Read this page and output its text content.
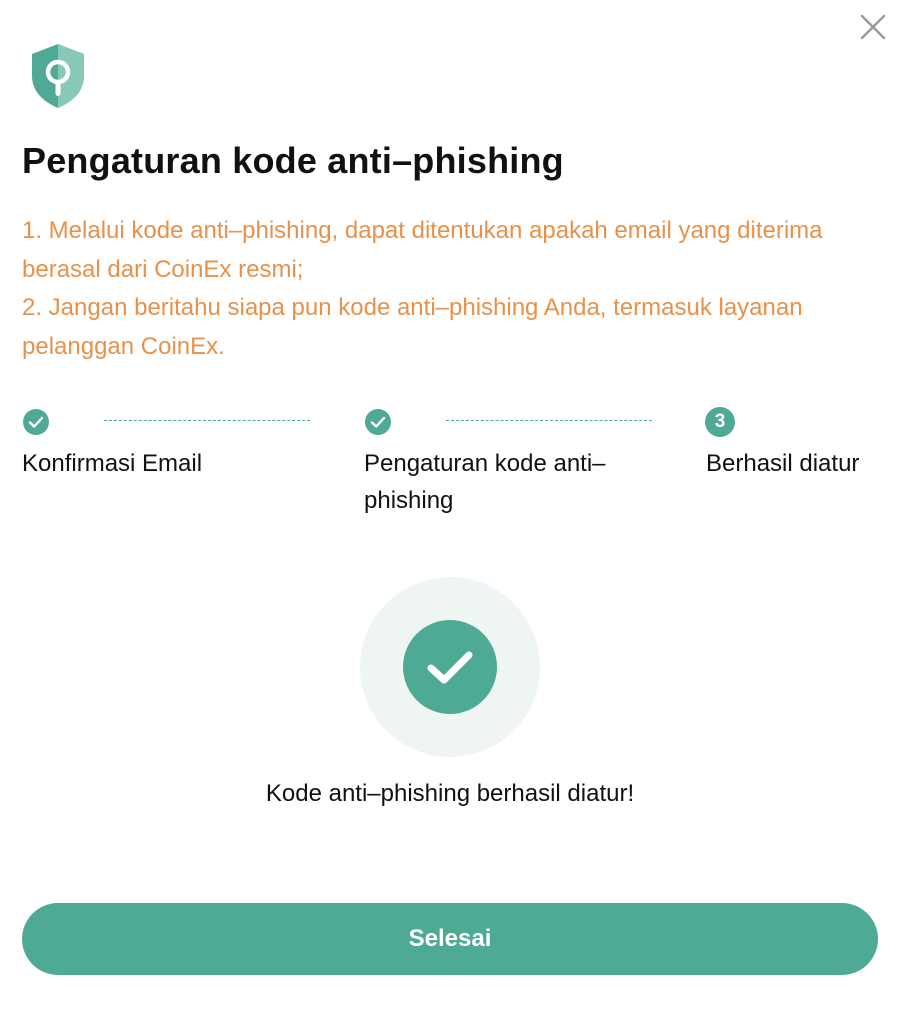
Pengaturan kode anti–phishing

1. Melalui kode anti–phishing, dapat ditentukan apakah email yang diterima berasal dari CoinEx resmi;

2. Jangan beritahu siapa pun kode anti–phishing Anda, termasuk layanan pelanggan CoinEx.

Konfirmasi Email	Pengaturan kode anti–phishing
3
Berhasil diatur
Kode anti–phishing berhasil diatur!
Selesai
